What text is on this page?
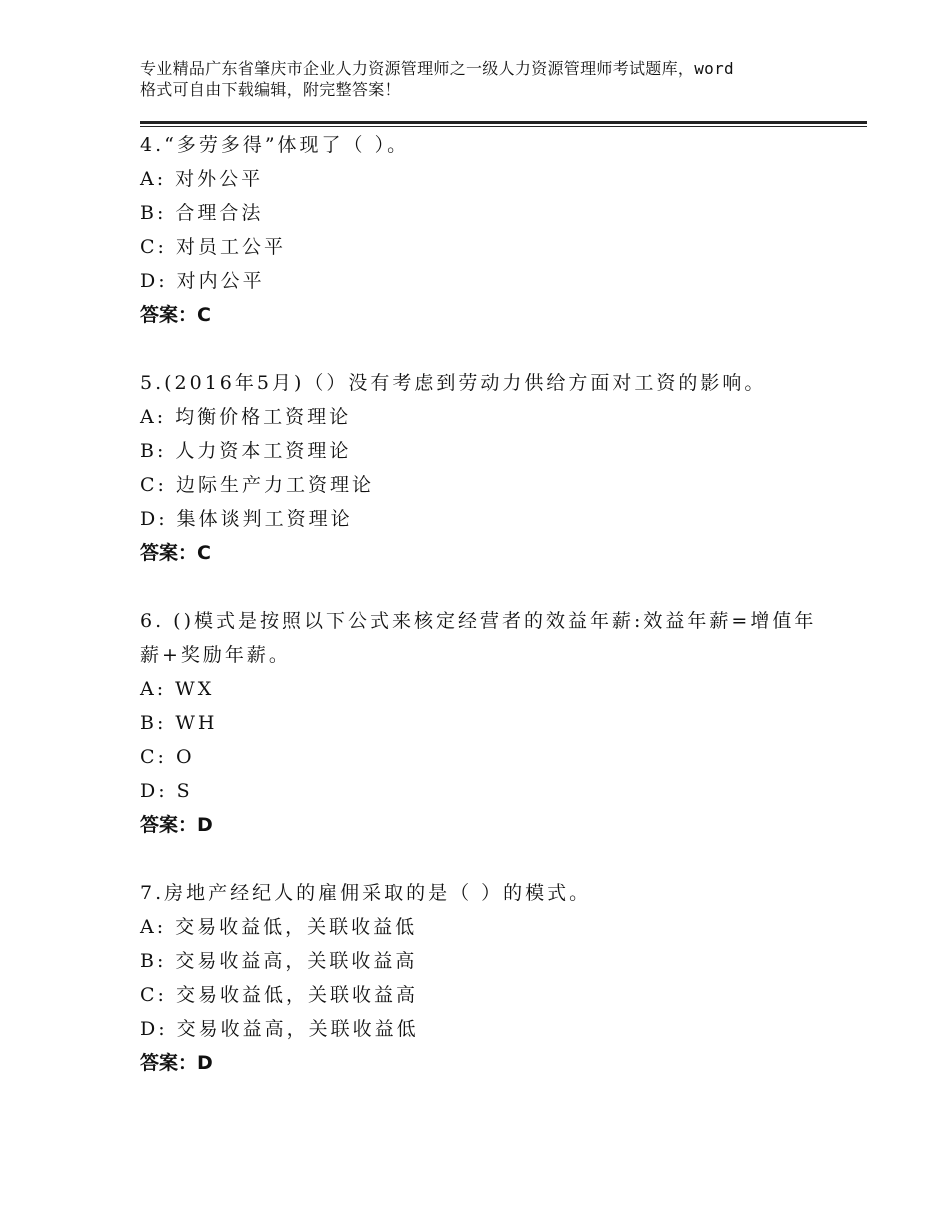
专业精品广东省肇庆市企业人力资源管理师之一级人力资源管理师考试题库，word
格式可自由下载编辑，附完整答案！

4.“多劳多得”体现了（ ）。

A: 对外公平

B: 合理合法

C: 对员工公平

D: 对内公平

答案：C

5.(2016年5月)（）没有考虑到劳动力供给方面对工资的影响。

A: 均衡价格工资理论

B: 人力资本工资理论

C: 边际生产力工资理论

D: 集体谈判工资理论

答案：C

6. ()模式是按照以下公式来核定经营者的效益年薪:效益年薪=增值年

薪+奖励年薪。

A: WX

B: WH

C: O

D: S

答案：D

7.房地产经纪人的雇佣采取的是（ ）的模式。

A: 交易收益低，关联收益低

B: 交易收益高，关联收益高

C: 交易收益低，关联收益高

D: 交易收益高，关联收益低

答案：D
